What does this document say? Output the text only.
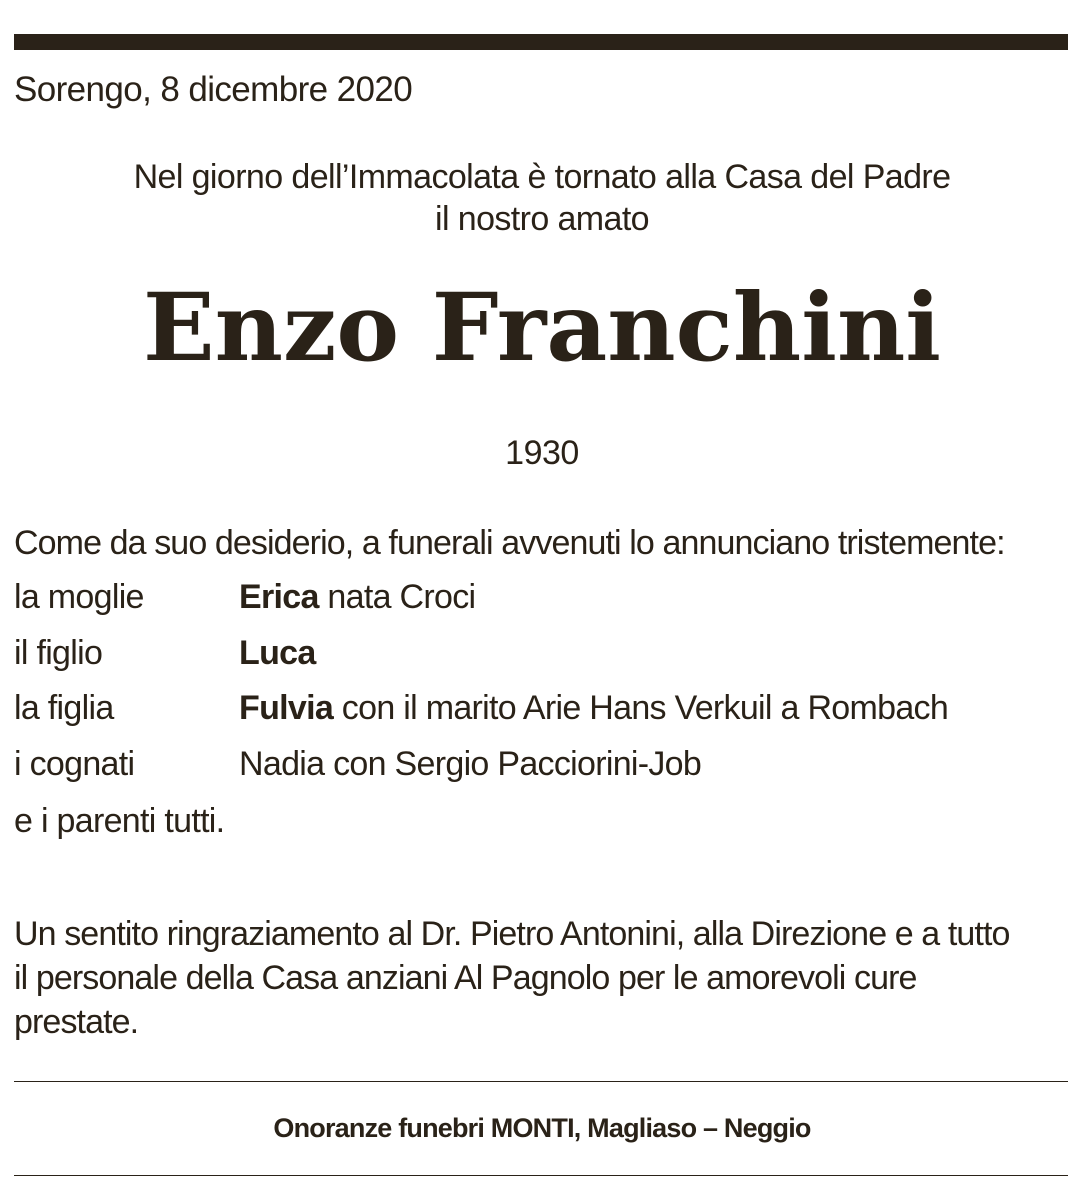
Sorengo, 8 dicembre 2020
Nel giorno dell’Immacolata è tornato alla Casa del Padre
il nostro amato
Enzo Franchini
1930
Come da suo desiderio, a funerali avvenuti lo annunciano tristemente:
la moglie	Erica nata Croci
il figlio	Luca
la figlia	Fulvia con il marito Arie Hans Verkuil a Rombach
i cognati	Nadia con Sergio Pacciorini-Job
e i parenti tutti.
Un sentito ringraziamento al Dr. Pietro Antonini, alla Direzione e a tutto
il personale della Casa anziani Al Pagnolo per le amorevoli cure
prestate.
Onoranze funebri MONTI, Magliaso – Neggio
